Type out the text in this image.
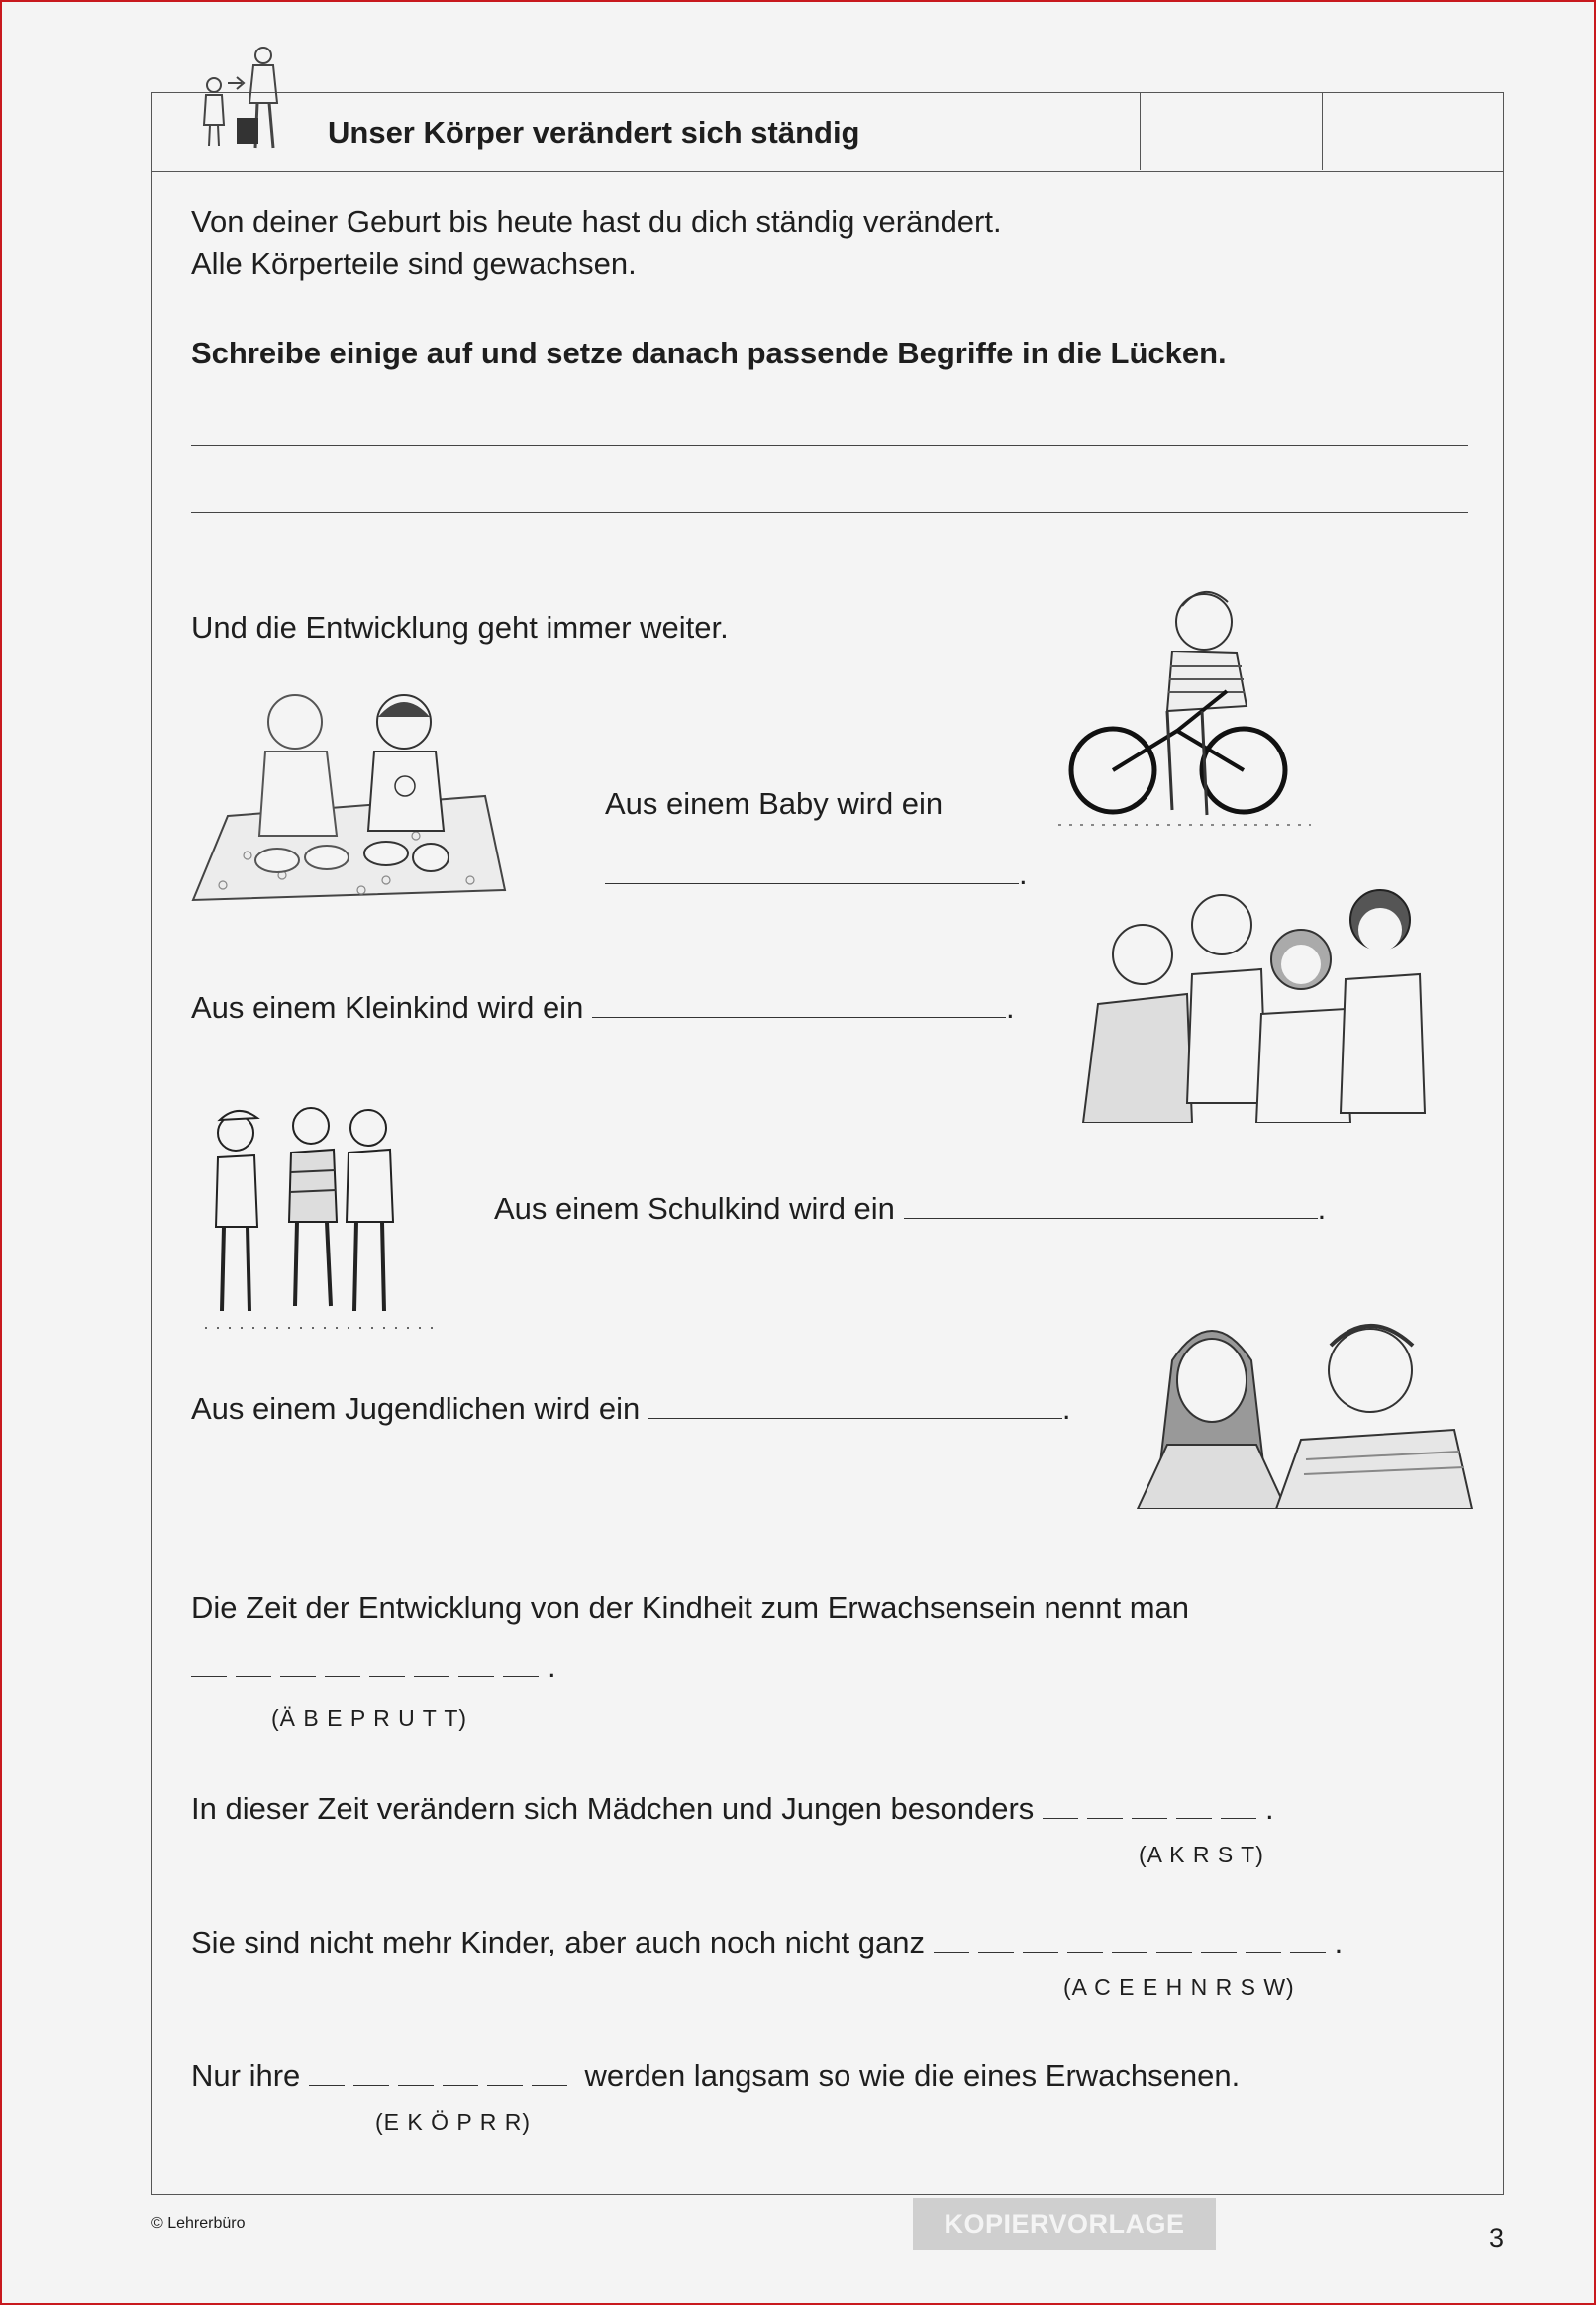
Unser Körper verändert sich ständig
Von deiner Geburt bis heute hast du dich ständig verändert.
Alle Körperteile sind gewachsen.
Schreibe einige auf und setze danach passende Begriffe in die Lücken.
Und die Entwicklung geht immer weiter.
Aus einem Baby wird ein
.
Aus einem Kleinkind wird ein	.
Aus einem Schulkind wird ein	.
Aus einem Jugendlichen wird ein	.
Die Zeit der Entwicklung von der Kindheit zum Erwachsensein nennt man
.
(Ä B E P R U T T)
In dieser Zeit verändern sich Mädchen und Jungen besonders	.
(A K R S T)
Sie sind nicht mehr Kinder, aber auch noch nicht ganz	.
(A C E E H N R S W)
Nur ihre	werden langsam so wie die eines Erwachsenen.
(E K Ö P R R)
© Lehrerbüro	KOPIERVORLAGE	3
